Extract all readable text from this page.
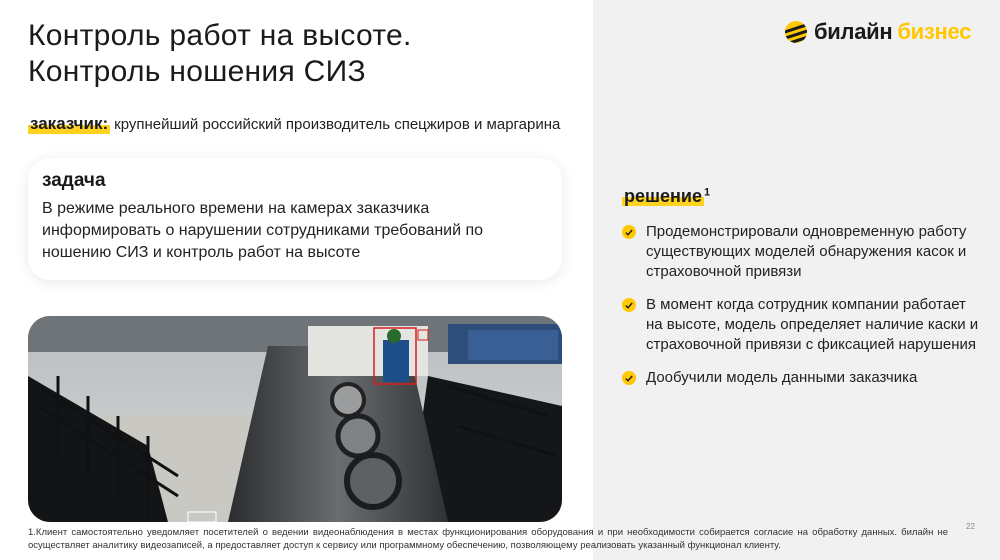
Контроль работ на высоте.
Контроль ношения СИЗ
билайн бизнес
заказчик: крупнейший российский производитель спецжиров и маргарина
задача
В режиме реального времени на камерах заказчика информировать о нарушении сотрудниками требований по ношению СИЗ и контроль работ на высоте
решение $^1$
Продемонстрировали одновременную работу существующих моделей обнаружения касок и страховочной привязи
В момент когда сотрудник компании работает на высоте, модель определяет наличие каски и страховочной привязи с фиксацией нарушения
Дообучили модель данными заказчика
1.Клиент самостоятельно уведомляет посетителей о ведении видеонаблюдения в местах функционирования оборудования и при необходимости собирается согласие на обработку данных. билайн не осуществляет аналитику видеозаписей, а предоставляет доступ к сервису или программному обеспечению, позволяющему реализовать указанный функционал клиенту.
22
